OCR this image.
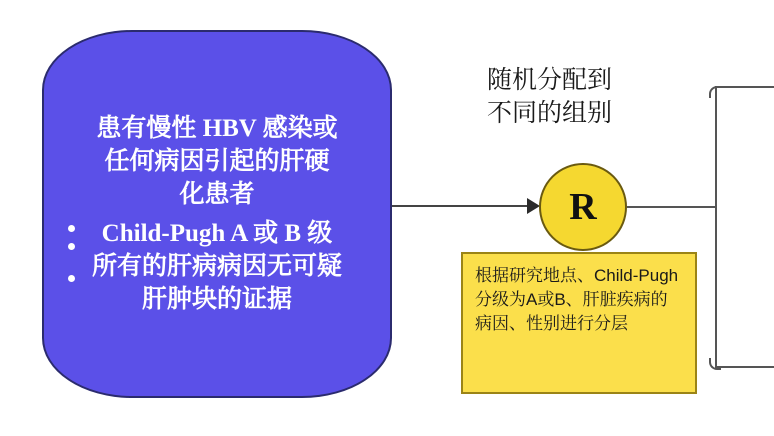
患有慢性 HBV 感染或
任何病因引起的肝硬
化患者
Child-Pugh A 或 B 级
所有的肝病病因无可疑
肝肿块的证据
随机分配到
不同的组别
R
根据研究地点、Child-Pugh 分级为A或B、肝脏疾病的病因、性别进行分层
